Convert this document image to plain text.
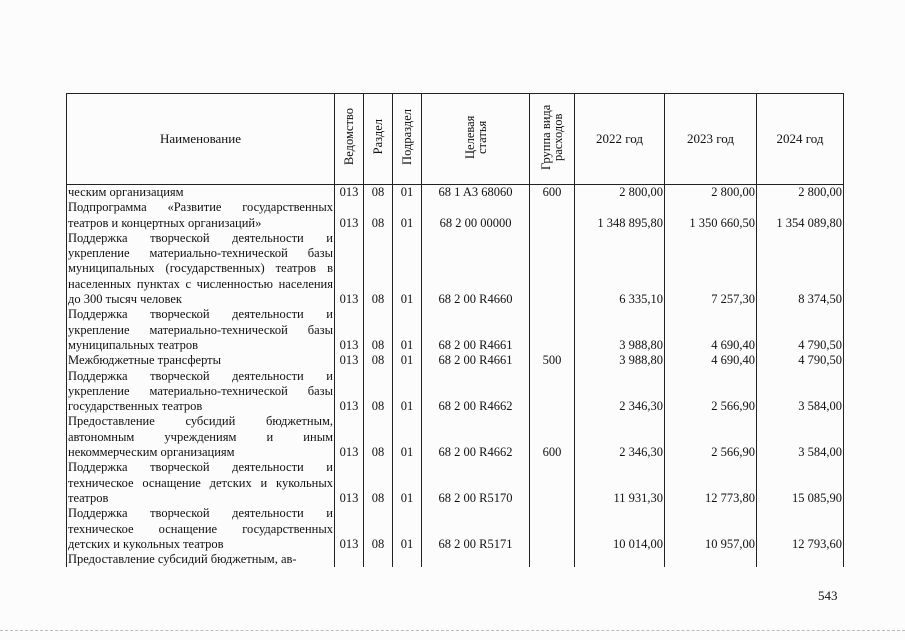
Наименование	Ведомство	Раздел	Подраздел	Целевая статья	Группа вида расходов	2022 год	2023 год	2024 год
ческим организациям	013	08	01	68 1 A3 68060	600	2 800,00	2 800,00	2 800,00
Подпрограмма «Развитие государственных театров и концертных организаций»	013	08	01	68 2 00 00000		1 348 895,80	1 350 660,50	1 354 089,80
Поддержка творческой деятельности и укрепление материально-технической базы муниципальных (государственных) театров в населенных пунктах с численностью населения до 300 тысяч человек	013	08	01	68 2 00 R4660		6 335,10	7 257,30	8 374,50
Поддержка творческой деятельности и укрепление материально-технической базы муниципальных театров	013	08	01	68 2 00 R4661		3 988,80	4 690,40	4 790,50
Межбюджетные трансферты	013	08	01	68 2 00 R4661	500	3 988,80	4 690,40	4 790,50
Поддержка творческой деятельности и укрепление материально-технической базы государственных театров	013	08	01	68 2 00 R4662		2 346,30	2 566,90	3 584,00
Предоставление субсидий бюджетным, автономным учреждениям и иным некоммерческим организациям	013	08	01	68 2 00 R4662	600	2 346,30	2 566,90	3 584,00
Поддержка творческой деятельности и техническое оснащение детских и кукольных театров	013	08	01	68 2 00 R5170		11 931,30	12 773,80	15 085,90
Поддержка творческой деятельности и техническое оснащение государственных детских и кукольных театров	013	08	01	68 2 00 R5171		10 014,00	10 957,00	12 793,60
Предоставление субсидий бюджетным, ав-								
543
